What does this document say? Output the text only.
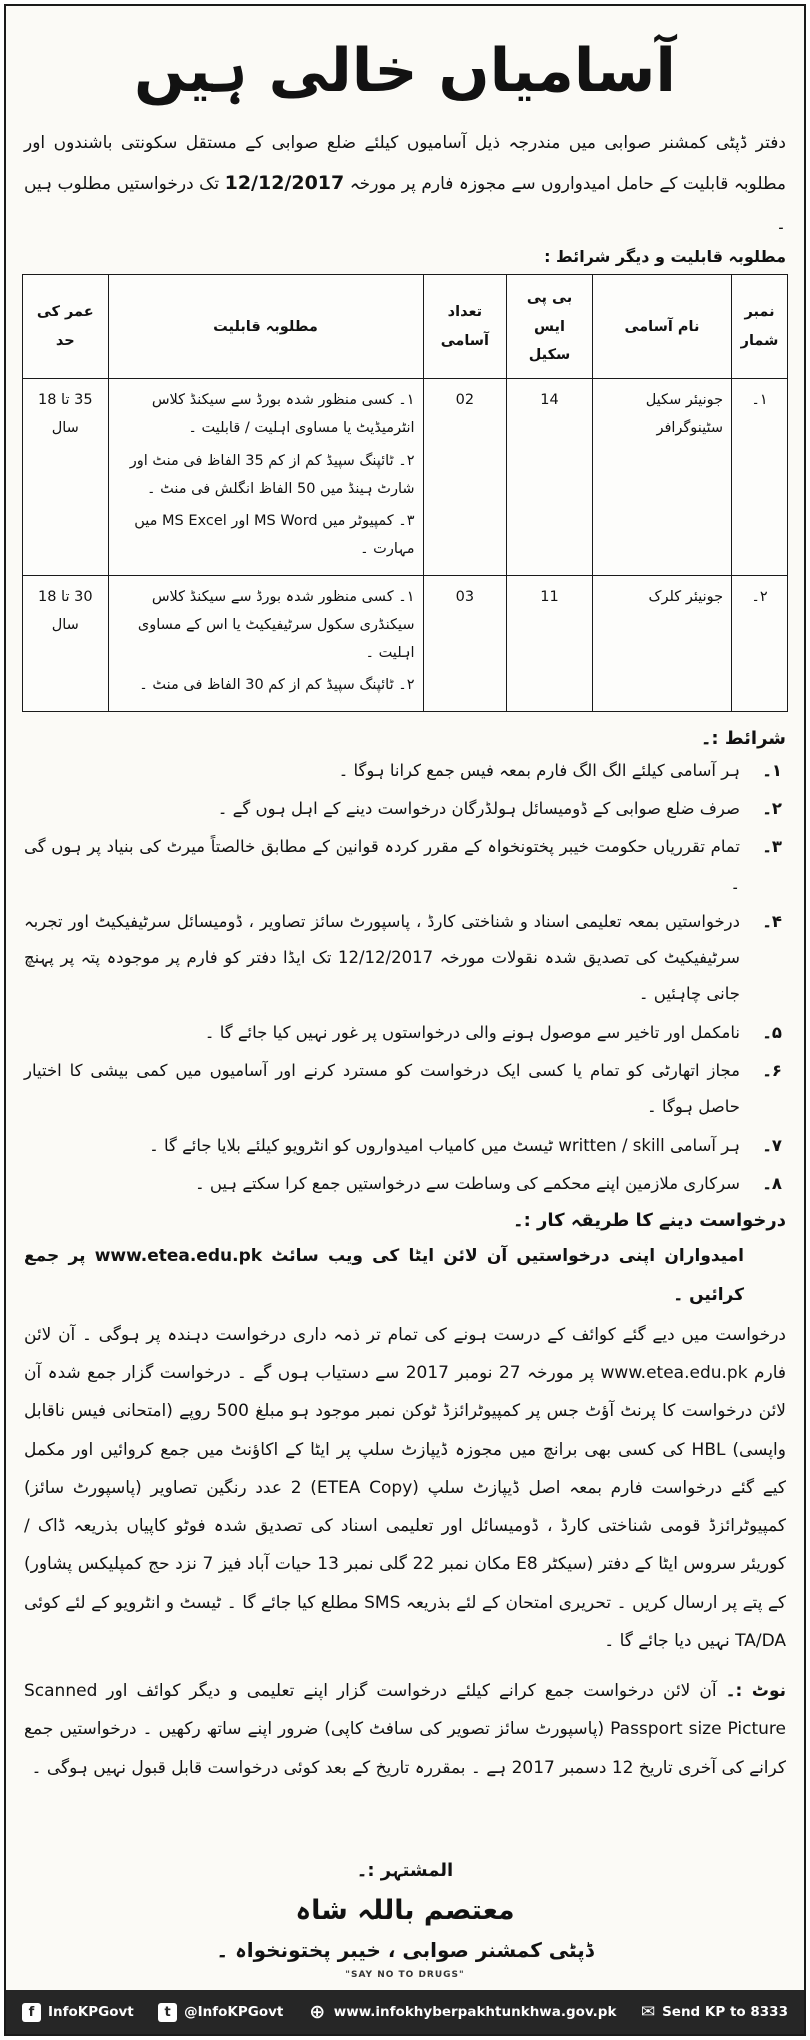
آسامیاں خالی ہیں

دفتر ڈپٹی کمشنر صوابی میں مندرجہ ذیل آسامیوں کیلئے ضلع صوابی کے مستقل سکونتی باشندوں اور مطلوبہ قابلیت کے حامل امیدواروں سے مجوزہ فارم پر مورخہ 12/12/2017 تک درخواستیں مطلوب ہیں ۔

مطلوبہ قابلیت و دیگر شرائط :
نمبر شمار	نام آسامی	بی پی ایس سکیل	تعداد آسامی	مطلوبہ قابلیت	عمر کی حد
۱۔	جونیئر سکیل سٹینوگرافر	14	02	۱۔ کسی منظور شدہ بورڈ سے سیکنڈ کلاس انٹرمیڈیٹ یا مساوی اہلیت / قابلیت ۔
۲۔ ٹائپنگ سپیڈ کم از کم 35 الفاظ فی منٹ اور شارٹ ہینڈ میں 50 الفاظ انگلش فی منٹ ۔
۳۔ کمپیوٹر میں MS Word اور MS Excel میں مہارت ۔	35 تا 18 سال
۲۔	جونیئر کلرک	11	03	۱۔ کسی منظور شدہ بورڈ سے سیکنڈ کلاس سیکنڈری سکول سرٹیفیکیٹ یا اس کے مساوی اہلیت ۔
۲۔ ٹائپنگ سپیڈ کم از کم 30 الفاظ فی منٹ ۔	30 تا 18 سال
شرائط :۔
۱۔
ہر آسامی کیلئے الگ الگ فارم بمعہ فیس جمع کرانا ہوگا ۔
۲۔
صرف ضلع صوابی کے ڈومیسائل ہولڈرگان درخواست دینے کے اہل ہوں گے ۔
۳۔
تمام تقرریاں حکومت خیبر پختونخواہ کے مقرر کردہ قوانین کے مطابق خالصتاً میرٹ کی بنیاد پر ہوں گی ۔
۴۔
درخواستیں بمعہ تعلیمی اسناد و شناختی کارڈ ، پاسپورٹ سائز تصاویر ، ڈومیسائل سرٹیفیکیٹ اور تجربہ سرٹیفیکیٹ کی تصدیق شدہ نقولات مورخہ 12/12/2017 تک ایڈا دفتر کو فارم پر موجودہ پتہ پر پہنچ جانی چاہئیں ۔
۵۔
نامکمل اور تاخیر سے موصول ہونے والی درخواستوں پر غور نہیں کیا جائے گا ۔
۶۔
مجاز اتھارٹی کو تمام یا کسی ایک درخواست کو مسترد کرنے اور آسامیوں میں کمی بیشی کا اختیار حاصل ہوگا ۔
۷۔
ہر آسامی written / skill ٹیسٹ میں کامیاب امیدواروں کو انٹرویو کیلئے بلایا جائے گا ۔
۸۔
سرکاری ملازمین اپنے محکمے کی وساطت سے درخواستیں جمع کرا سکتے ہیں ۔
درخواست دینے کا طریقہ کار :۔

امیدواران اپنی درخواستیں آن لائن ایٹا کی ویب سائٹ www.etea.edu.pk پر جمع کرائیں ۔

درخواست میں دیے گئے کوائف کے درست ہونے کی تمام تر ذمہ داری درخواست دہندہ پر ہوگی ۔ آن لائن فارم www.etea.edu.pk پر مورخہ 27 نومبر 2017 سے دستیاب ہوں گے ۔ درخواست گزار جمع شدہ آن لائن درخواست کا پرنٹ آؤٹ جس پر کمپیوٹرائزڈ ٹوکن نمبر موجود ہو مبلغ 500 روپے (امتحانی فیس ناقابل واپسی) HBL کی کسی بھی برانچ میں مجوزہ ڈیپازٹ سلپ پر ایٹا کے اکاؤنٹ میں جمع کروائیں اور مکمل کیے گئے درخواست فارم بمعہ اصل ڈیپازٹ سلپ (ETEA Copy) 2 عدد رنگین تصاویر (پاسپورٹ سائز) کمپیوٹرائزڈ قومی شناختی کارڈ ، ڈومیسائل اور تعلیمی اسناد کی تصدیق شدہ فوٹو کاپیاں بذریعہ ڈاک / کوریئر سروس ایٹا کے دفتر (سیکٹر E8 مکان نمبر 22 گلی نمبر 13 حیات آباد فیز 7 نزد حج کمپلیکس پشاور) کے پتے پر ارسال کریں ۔ تحریری امتحان کے لئے بذریعہ SMS مطلع کیا جائے گا ۔ ٹیسٹ و انٹرویو کے لئے کوئی TA/DA نہیں دیا جائے گا ۔

نوٹ :۔ آن لائن درخواست جمع کرانے کیلئے درخواست گزار اپنے تعلیمی و دیگر کوائف اور Scanned Passport size Picture (پاسپورٹ سائز تصویر کی سافٹ کاپی) ضرور اپنے ساتھ رکھیں ۔ درخواستیں جمع کرانے کی آخری تاریخ 12 دسمبر 2017 ہے ۔ بمقررہ تاریخ کے بعد کوئی درخواست قابل قبول نہیں ہوگی ۔

المشتہر :۔
معتصم باللہ شاہ
ڈپٹی کمشنر صوابی ، خیبر پختونخواہ ۔
"SAY NO TO DRUGS"
f	InfoKPGovt	t @InfoKPGovt ⊕ www.infokhyberpakhtunkhwa.gov.pk ✉ Send KP to 8333
